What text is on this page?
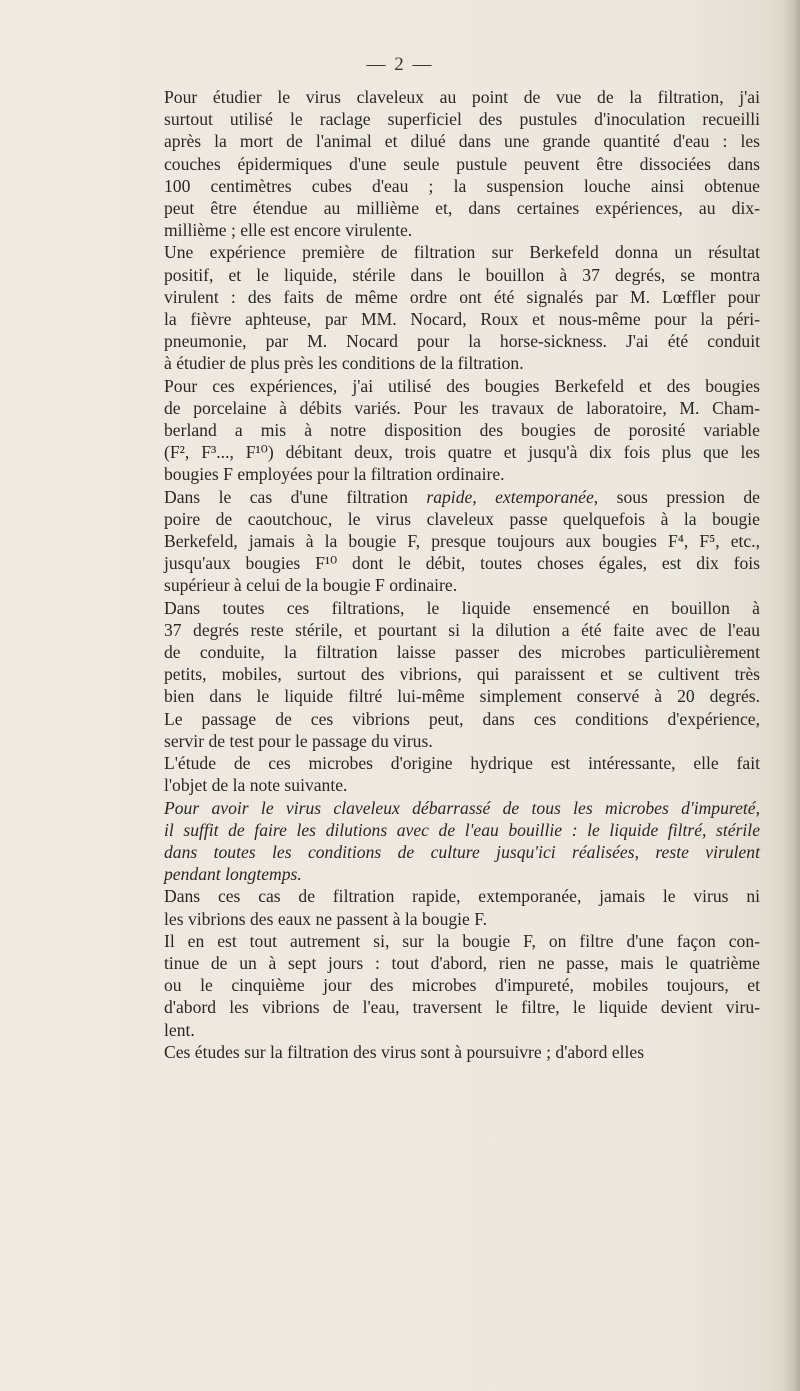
— 2 —

Pour étudier le virus claveleux au point de vue de la filtration, j'ai
surtout utilisé le raclage superficiel des pustules d'inoculation recueilli
après la mort de l'animal et dilué dans une grande quantité d'eau : les
couches épidermiques d'une seule pustule peuvent être dissociées dans
100 centimètres cubes d'eau ; la suspension louche ainsi obtenue
peut être étendue au millième et, dans certaines expériences, au dix-
millième ; elle est encore virulente.

Une expérience première de filtration sur Berkefeld donna un résultat
positif, et le liquide, stérile dans le bouillon à 37 degrés, se montra
virulent : des faits de même ordre ont été signalés par M. Lœffler pour
la fièvre aphteuse, par MM. Nocard, Roux et nous-même pour la péri-
pneumonie, par M. Nocard pour la horse-sickness. J'ai été conduit
à étudier de plus près les conditions de la filtration.

Pour ces expériences, j'ai utilisé des bougies Berkefeld et des bougies
de porcelaine à débits variés. Pour les travaux de laboratoire, M. Cham-
berland a mis à notre disposition des bougies de porosité variable
(F², F³..., F¹⁰) débitant deux, trois quatre et jusqu'à dix fois plus que les
bougies F employées pour la filtration ordinaire.

Dans le cas d'une filtration rapide, extemporanée, sous pression de
poire de caoutchouc, le virus claveleux passe quelquefois à la bougie
Berkefeld, jamais à la bougie F, presque toujours aux bougies F⁴, F⁵, etc.,
jusqu'aux bougies F¹⁰ dont le débit, toutes choses égales, est dix fois
supérieur à celui de la bougie F ordinaire.

Dans toutes ces filtrations, le liquide ensemencé en bouillon à
37 degrés reste stérile, et pourtant si la dilution a été faite avec de l'eau
de conduite, la filtration laisse passer des microbes particulièrement
petits, mobiles, surtout des vibrions, qui paraissent et se cultivent très
bien dans le liquide filtré lui-même simplement conservé à 20 degrés.
Le passage de ces vibrions peut, dans ces conditions d'expérience,
servir de test pour le passage du virus.

L'étude de ces microbes d'origine hydrique est intéressante, elle fait
l'objet de la note suivante.

Pour avoir le virus claveleux débarrassé de tous les microbes d'impureté,
il suffit de faire les dilutions avec de l'eau bouillie : le liquide filtré, stérile
dans toutes les conditions de culture jusqu'ici réalisées, reste virulent
pendant longtemps.

Dans ces cas de filtration rapide, extemporanée, jamais le virus ni
les vibrions des eaux ne passent à la bougie F.

Il en est tout autrement si, sur la bougie F, on filtre d'une façon con-
tinue de un à sept jours : tout d'abord, rien ne passe, mais le quatrième
ou le cinquième jour des microbes d'impureté, mobiles toujours, et
d'abord les vibrions de l'eau, traversent le filtre, le liquide devient viru-
lent.

Ces études sur la filtration des virus sont à poursuivre ; d'abord elles
